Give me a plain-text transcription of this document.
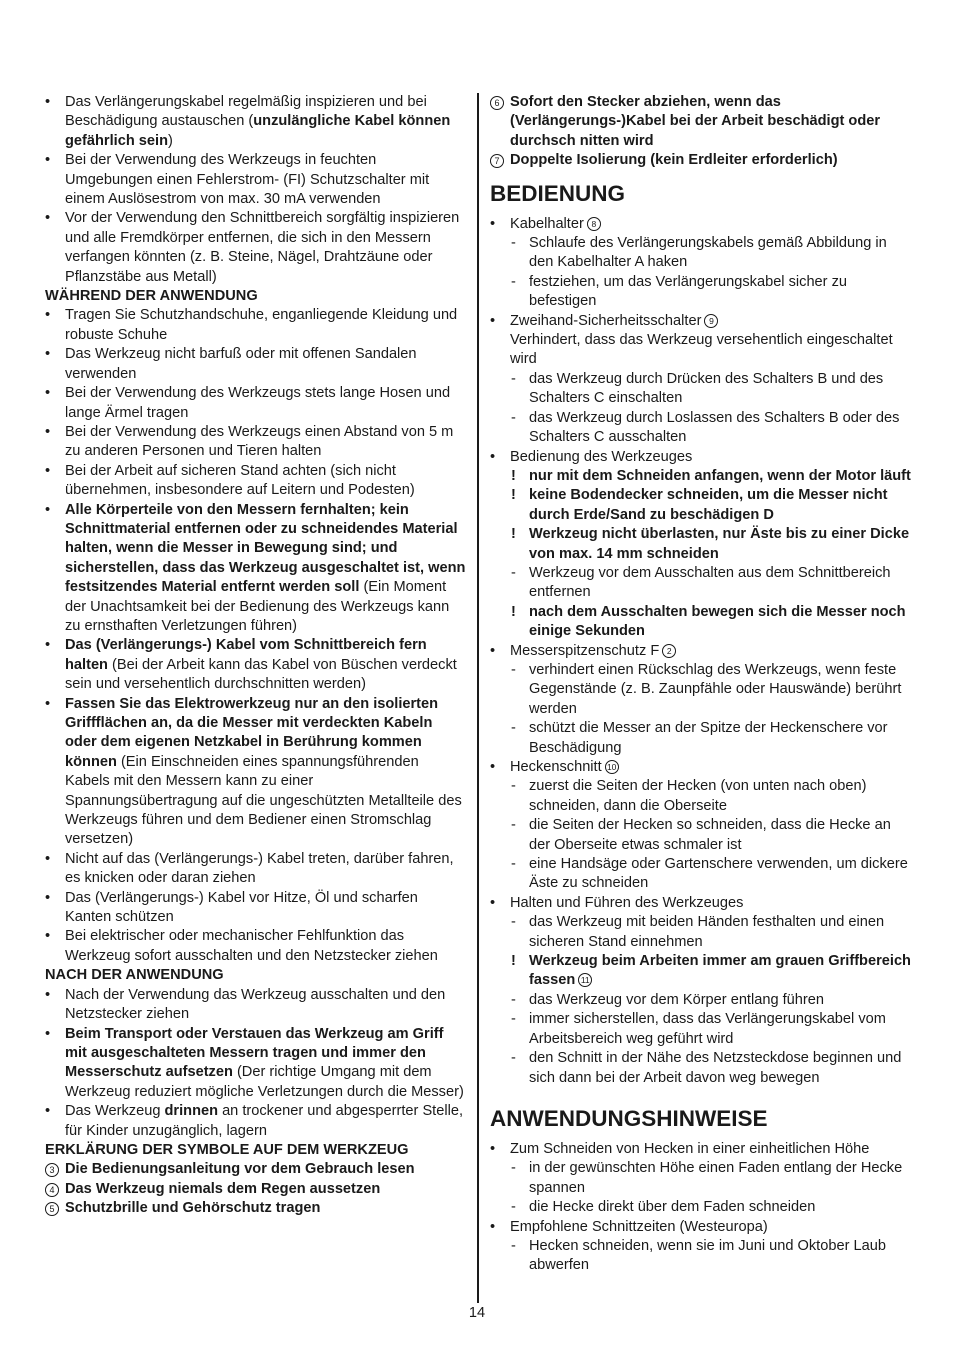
• Das Verlängerungskabel regelmäßig inspizieren und bei Beschädigung austauschen (unzulängliche Kabel können gefährlich sein)
• Bei der Verwendung des Werkzeugs in feuchten Umgebungen einen Fehlerstrom- (FI) Schutzschalter mit einem Auslösestrom von max. 30 mA verwenden
• Vor der Verwendung den Schnittbereich sorgfältig inspizieren und alle Fremdkörper entfernen, die sich in den Messern verfangen könnten (z. B. Steine, Nägel, Drahtzäune oder Pflanzstäbe aus Metall)
WÄHREND DER ANWENDUNG
• Tragen Sie Schutzhandschuhe, enganliegende Kleidung und robuste Schuhe
• Das Werkzeug nicht barfuß oder mit offenen Sandalen verwenden
• Bei der Verwendung des Werkzeugs stets lange Hosen und lange Ärmel tragen
• Bei der Verwendung des Werkzeugs einen Abstand von 5 m zu anderen Personen und Tieren halten
• Bei der Arbeit auf sicheren Stand achten (sich nicht übernehmen, insbesondere auf Leitern und Podesten)
• Alle Körperteile von den Messern fernhalten; kein Schnittmaterial entfernen oder zu schneidendes Material halten, wenn die Messer in Bewegung sind; und sicherstellen, dass das Werkzeug ausgeschaltet ist, wenn festsitzendes Material entfernt werden soll (Ein Moment der Unachtsamkeit bei der Bedienung des Werkzeugs kann zu ernsthaften Verletzungen führen)
• Das (Verlängerungs-) Kabel vom Schnittbereich fern halten (Bei der Arbeit kann das Kabel von Büschen verdeckt sein und versehentlich durchschnitten werden)
• Fassen Sie das Elektrowerkzeug nur an den isolierten Griffflächen an, da die Messer mit verdeckten Kabeln oder dem eigenen Netzkabel in Berührung kommen können (Ein Einschneiden eines spannungsführenden Kabels mit den Messern kann zu einer Spannungsübertragung auf die ungeschützten Metallteile des Werkzeugs führen und dem Bediener einen Stromschlag versetzen)
• Nicht auf das (Verlängerungs-) Kabel treten, darüber fahren, es knicken oder daran ziehen
• Das (Verlängerungs-) Kabel vor Hitze, Öl und scharfen Kanten schützen
• Bei elektrischer oder mechanischer Fehlfunktion das Werkzeug sofort ausschalten und den Netzstecker ziehen
NACH DER ANWENDUNG
• Nach der Verwendung das Werkzeug ausschalten und den Netzstecker ziehen
• Beim Transport oder Verstauen das Werkzeug am Griff mit ausgeschalteten Messern tragen und immer den Messerschutz aufsetzen (Der richtige Umgang mit dem Werkzeug reduziert mögliche Verletzungen durch die Messer)
• Das Werkzeug drinnen an trockener und abgesperrter Stelle, für Kinder unzugänglich, lagern
ERKLÄRUNG DER SYMBOLE AUF DEM WERKZEUG
3 Die Bedienungsanleitung vor dem Gebrauch lesen
4 Das Werkzeug niemals dem Regen aussetzen
5 Schutzbrille und Gehörschutz tragen
6 Sofort den Stecker abziehen, wenn das (Verlängerungs-)Kabel bei der Arbeit beschädigt oder durchsch nitten wird
7 Doppelte Isolierung (kein Erdleiter erforderlich)
BEDIENUNG
• Kabelhalter 8
- Schlaufe des Verlängerungskabels gemäß Abbildung in den Kabelhalter A haken
- festziehen, um das Verlängerungskabel sicher zu befestigen
• Zweihand-Sicherheitsschalter 9
Verhindert, dass das Werkzeug versehentlich eingeschaltet wird
- das Werkzeug durch Drücken des Schalters B und des Schalters C einschalten
- das Werkzeug durch Loslassen des Schalters B oder des Schalters C ausschalten
• Bedienung des Werkzeuges
! nur mit dem Schneiden anfangen, wenn der Motor läuft
! keine Bodendecker schneiden, um die Messer nicht durch Erde/Sand zu beschädigen D
! Werkzeug nicht überlasten, nur Äste bis zu einer Dicke von max. 14 mm schneiden
- Werkzeug vor dem Ausschalten aus dem Schnittbereich entfernen
! nach dem Ausschalten bewegen sich die Messer noch einige Sekunden
• Messerspitzenschutz F 2
- verhindert einen Rückschlag des Werkzeugs, wenn feste Gegenstände (z. B. Zaunpfähle oder Hauswände) berührt werden
- schützt die Messer an der Spitze der Heckenschere vor Beschädigung
• Heckenschnitt 10
- zuerst die Seiten der Hecken (von unten nach oben) schneiden, dann die Oberseite
- die Seiten der Hecken so schneiden, dass die Hecke an der Oberseite etwas schmaler ist
- eine Handsäge oder Gartenschere verwenden, um dickere Äste zu schneiden
• Halten und Führen des Werkzeuges
- das Werkzeug mit beiden Händen festhalten und einen sicheren Stand einnehmen
! Werkzeug beim Arbeiten immer am grauen Griffbereich fassen 11
- das Werkzeug vor dem Körper entlang führen
- immer sicherstellen, dass das Verlängerungskabel vom Arbeitsbereich weg geführt wird
- den Schnitt in der Nähe des Netzsteckdose beginnen und sich dann bei der Arbeit davon weg bewegen
ANWENDUNGSHINWEISE
• Zum Schneiden von Hecken in einer einheitlichen Höhe
- in der gewünschten Höhe einen Faden entlang der Hecke spannen
- die Hecke direkt über dem Faden schneiden
• Empfohlene Schnittzeiten (Westeuropa)
- Hecken schneiden, wenn sie im Juni und Oktober Laub abwerfen
14
